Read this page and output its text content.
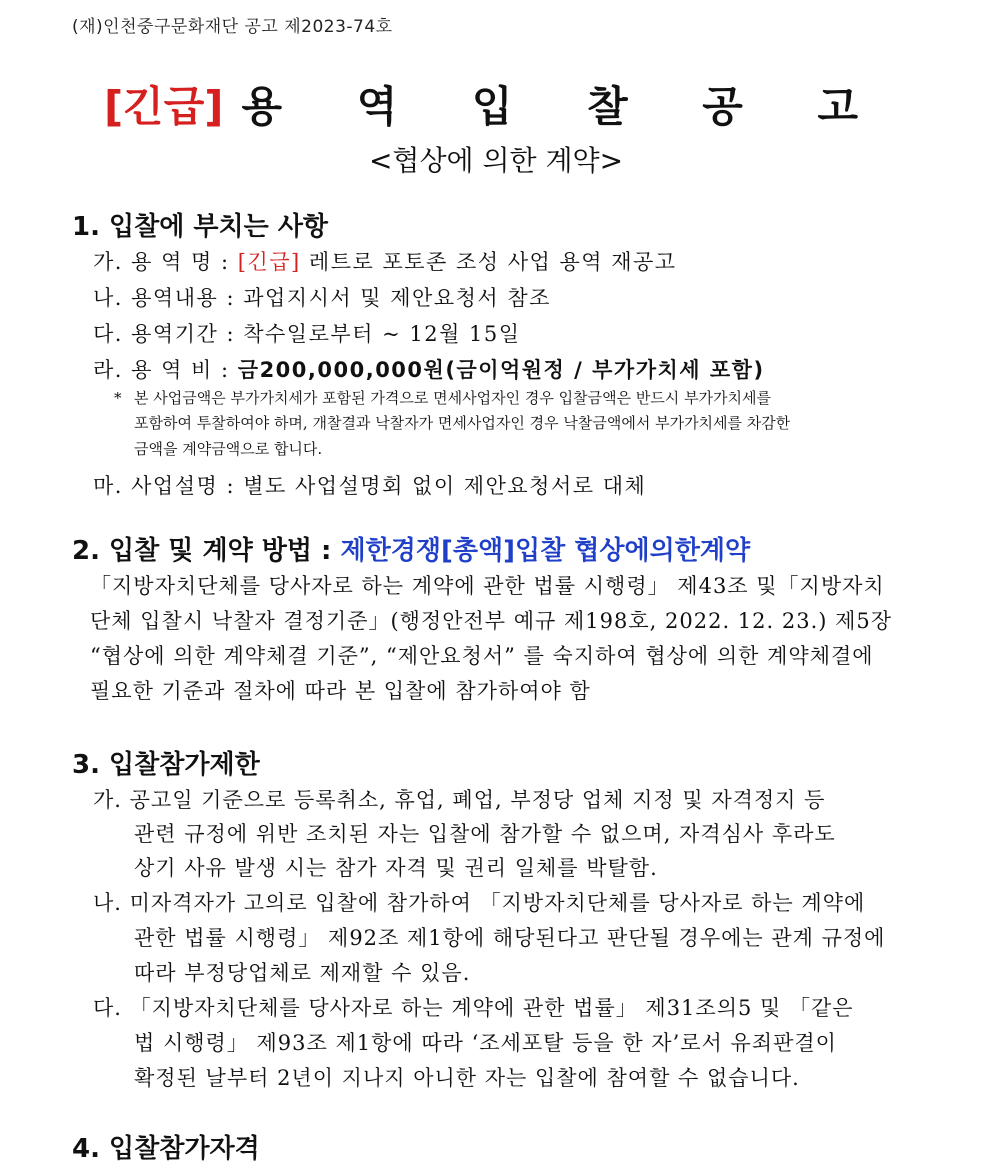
(재)인천중구문화재단 공고 제2023-74호
[긴급] 용 역 입 찰 공 고
<협상에 의한 계약>
1. 입찰에 부치는 사항
가. 용 역 명 : [긴급] 레트로 포토존 조성 사업 용역 재공고
나. 용역내용 : 과업지시서 및 제안요청서 참조
다. 용역기간 : 착수일로부터 ~ 12월 15일
라. 용 역 비 : 금200,000,000원(금이억원정 / 부가가치세 포함)
* 본 사업금액은 부가가치세가 포함된 가격으로 면세사업자인 경우 입찰금액은 반드시 부가가치세를
포함하여 투찰하여야 하며, 개찰결과 낙찰자가 면세사업자인 경우 낙찰금액에서 부가가치세를 차감한
금액을 계약금액으로 합니다.
마. 사업설명 : 별도 사업설명회 없이 제안요청서로 대체
2. 입찰 및 계약 방법 : 제한경쟁[총액]입찰 협상에의한계약
「지방자치단체를 당사자로 하는 계약에 관한 법률 시행령」 제43조 및「지방자치
단체 입찰시 낙찰자 결정기준」(행정안전부 예규 제198호, 2022. 12. 23.) 제5장
“협상에 의한 계약체결 기준”, “제안요청서” 를 숙지하여 협상에 의한 계약체결에
필요한 기준과 절차에 따라 본 입찰에 참가하여야 함
3. 입찰참가제한
가. 공고일 기준으로 등록취소, 휴업, 폐업, 부정당 업체 지정 및 자격정지 등
관련 규정에 위반 조치된 자는 입찰에 참가할 수 없으며, 자격심사 후라도
상기 사유 발생 시는 참가 자격 및 권리 일체를 박탈함.
나. 미자격자가 고의로 입찰에 참가하여 「지방자치단체를 당사자로 하는 계약에
관한 법률 시행령」 제92조 제1항에 해당된다고 판단될 경우에는 관계 규정에
따라 부정당업체로 제재할 수 있음.
다. 「지방자치단체를 당사자로 하는 계약에 관한 법률」 제31조의5 및 「같은
법 시행령」 제93조 제1항에 따라 ‘조세포탈 등을 한 자’로서 유죄판결이
확정된 날부터 2년이 지나지 아니한 자는 입찰에 참여할 수 없습니다.
4. 입찰참가자격
